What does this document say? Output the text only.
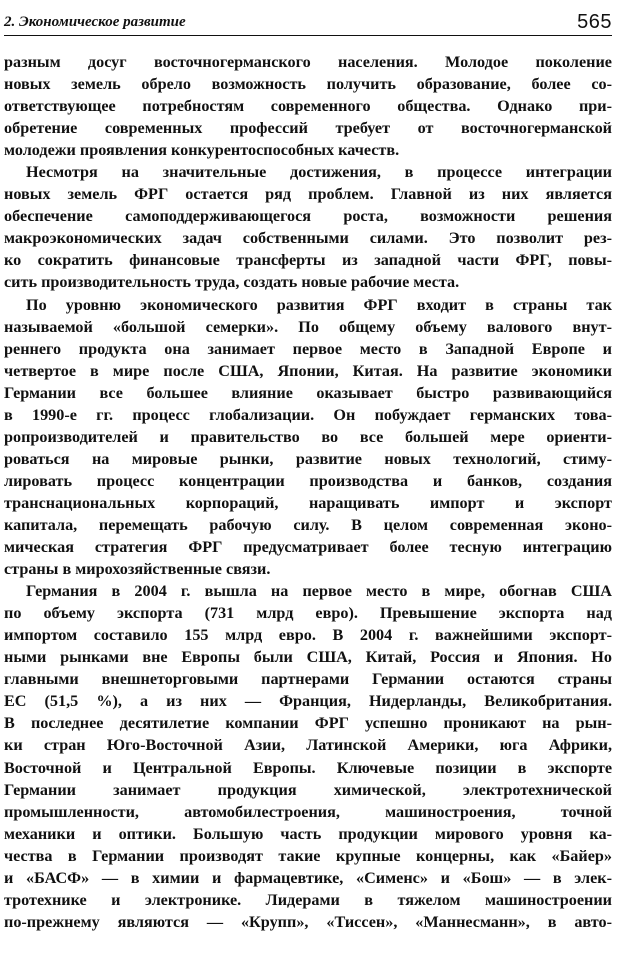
2. Экономическое развитие	565
разным досуг восточногерманского населения. Молодое поколение
новых земель обрело возможность получить образование, более со-
ответствующее потребностям современного общества. Однако при-
обретение современных профессий требует от восточногерманской
молодежи проявления конкурентоспособных качеств.
Несмотря на значительные достижения, в процессе интеграции
новых земель ФРГ остается ряд проблем. Главной из них является
обеспечение самоподдерживающегося роста, возможности решения
макроэкономических задач собственными силами. Это позволит рез-
ко сократить финансовые трансферты из западной части ФРГ, повы-
сить производительность труда, создать новые рабочие места.
По уровню экономического развития ФРГ входит в страны так
называемой «большой семерки». По общему объему валового внут-
реннего продукта она занимает первое место в Западной Европе и
четвертое в мире после США, Японии, Китая. На развитие экономики
Германии все большее влияние оказывает быстро развивающийся
в 1990-е гг. процесс глобализации. Он побуждает германских това-
ропроизводителей и правительство во все большей мере ориенти-
роваться на мировые рынки, развитие новых технологий, стиму-
лировать процесс концентрации производства и банков, создания
транснациональных корпораций, наращивать импорт и экспорт
капитала, перемещать рабочую силу. В целом современная эконо-
мическая стратегия ФРГ предусматривает более тесную интеграцию
страны в мирохозяйственные связи.
Германия в 2004 г. вышла на первое место в мире, обогнав США
по объему экспорта (731 млрд евро). Превышение экспорта над
импортом составило 155 млрд евро. В 2004 г. важнейшими экспорт-
ными рынками вне Европы были США, Китай, Россия и Япония. Но
главными внешнеторговыми партнерами Германии остаются страны
ЕС (51,5 %), а из них — Франция, Нидерланды, Великобритания.
В последнее десятилетие компании ФРГ успешно проникают на рын-
ки стран Юго-Восточной Азии, Латинской Америки, юга Африки,
Восточной и Центральной Европы. Ключевые позиции в экспорте
Германии занимает продукция химической, электротехнической
промышленности, автомобилестроения, машиностроения, точной
механики и оптики. Большую часть продукции мирового уровня ка-
чества в Германии производят такие крупные концерны, как «Байер»
и «БАСФ» — в химии и фармацевтике, «Сименс» и «Бош» — в элек-
тротехнике и электронике. Лидерами в тяжелом машиностроении
по-прежнему являются — «Крупп», «Тиссен», «Маннесманн», в авто-
